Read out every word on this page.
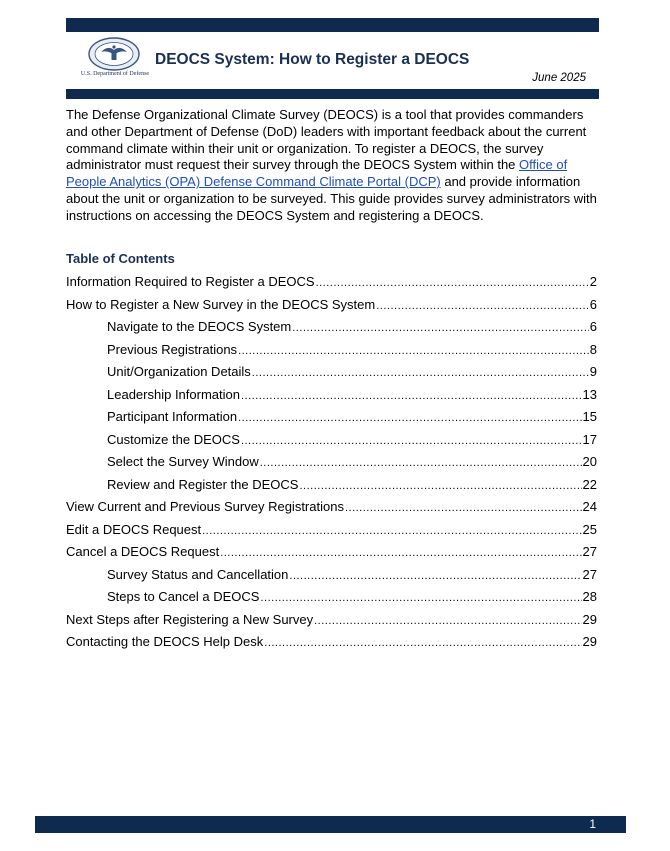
U.S. Department of Defense
DEOCS System: How to Register a DEOCS
June 2025

The Defense Organizational Climate Survey (DEOCS) is a tool that provides commanders and other Department of Defense (DoD) leaders with important feedback about the current command climate within their unit or organization. To register a DEOCS, the survey administrator must request their survey through the DEOCS System within the Office of People Analytics (OPA) Defense Command Climate Portal (DCP) and provide information about the unit or organization to be surveyed. This guide provides survey administrators with instructions on accessing the DEOCS System and registering a DEOCS.

Table of Contents
Information Required to Register a DEOCS .....	2
How to Register a New Survey in the DEOCS System .....	6
Navigate to the DEOCS System .....	6
Previous Registrations .....	8
Unit/Organization Details .....	9
Leadership Information .....	13
Participant Information .....	15
Customize the DEOCS .....	17
Select the Survey Window .....	20
Review and Register the DEOCS .....	22
View Current and Previous Survey Registrations .....	24
Edit a DEOCS Request .....	25
Cancel a DEOCS Request .....	27
Survey Status and Cancellation .....	27
Steps to Cancel a DEOCS .....	28
Next Steps after Registering a New Survey .....	29
Contacting the DEOCS Help Desk .....	29
1
